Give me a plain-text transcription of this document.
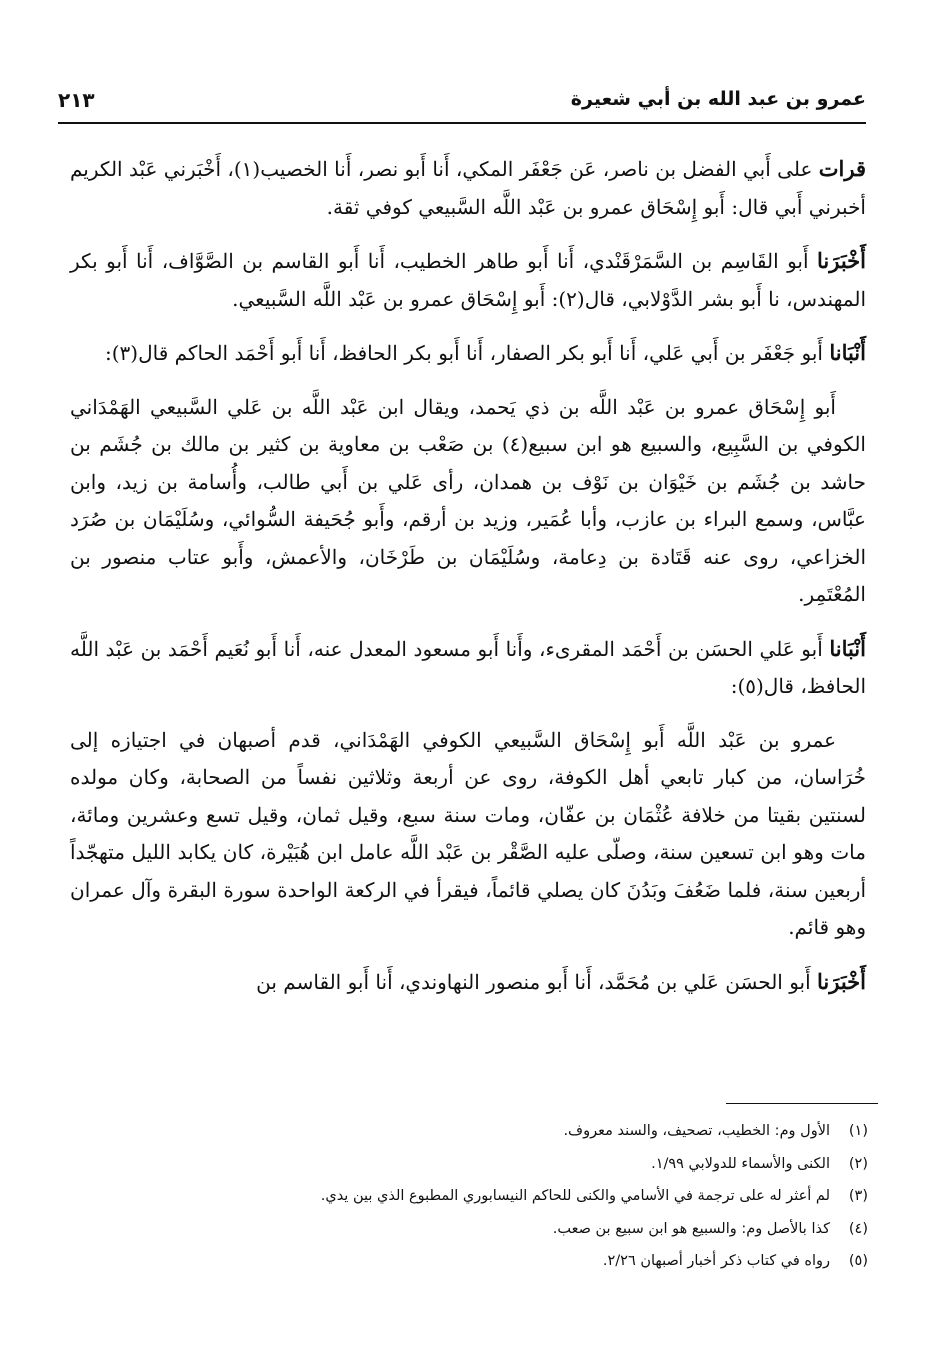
عمرو بن عبد الله بن أبي شعيرة
٢١٣

قرات على أَبي الفضل بن ناصر، عَن جَعْفَر المكي، أَنا أَبو نصر، أَنا الخصيب(١)، أَخْبَرني عَبْد الكريم أخبرني أَبي قال: أَبو إِسْحَاق عمرو بن عَبْد اللَّه السَّبيعي كوفي ثقة.

أَخْبَرَنا أَبو القَاسِم بن السَّمَرْقَنْدي، أَنا أَبو طاهر الخطيب، أَنا أَبو القاسم بن الصَّوَّاف، أَنا أَبو بكر المهندس، نا أَبو بشر الدَّوْلابي، قال(٢): أَبو إِسْحَاق عمرو بن عَبْد اللَّه السَّبيعي.

أَنْبَانا أَبو جَعْفَر بن أَبي عَلي، أَنا أَبو بكر الصفار، أَنا أَبو بكر الحافظ، أَنا أَبو أَحْمَد الحاكم قال(٣):

أَبو إِسْحَاق عمرو بن عَبْد اللَّه بن ذي يَحمد، ويقال ابن عَبْد اللَّه بن عَلي السَّبيعي الهَمْدَاني الكوفي بن السَّبِيع، والسبيع هو ابن سبيع(٤) بن صَعْب بن معاوية بن كثير بن مالك بن جُشَم بن حاشد بن جُشَم بن خَيْوَان بن نَوْف بن همدان، رأى عَلي بن أَبي طالب، وأُسامة بن زيد، وابن عبَّاس، وسمع البراء بن عازب، وأبا عُمَير، وزيد بن أرقم، وأَبو جُحَيفة السُّوائي، وسُلَيْمَان بن صُرَد الخزاعي، روى عنه قَتَادة بن دِعامة، وسُلَيْمَان بن طَرْخَان، والأعمش، وأَبو عتاب منصور بن المُعْتَمِر.

أَنْبَانا أَبو عَلي الحسَن بن أَحْمَد المقرىء، وأَنا أَبو مسعود المعدل عنه، أَنا أَبو نُعَيم أَحْمَد بن عَبْد اللَّه الحافظ، قال(٥):

عمرو بن عَبْد اللَّه أَبو إِسْحَاق السَّبيعي الكوفي الهَمْدَاني، قدم أصبهان في اجتيازه إلى خُرَاسان، من كبار تابعي أهل الكوفة، روى عن أربعة وثلاثين نفساً من الصحابة، وكان مولده لسنتين بقيتا من خلافة عُثْمَان بن عفّان، ومات سنة سبع، وقيل ثمان، وقيل تسع وعشرين ومائة، مات وهو ابن تسعين سنة، وصلّى عليه الصَّقْر بن عَبْد اللَّه عامل ابن هُبَيْرة، كان يكابد الليل متهجّداً أربعين سنة، فلما ضَعُفَ وبَدُنَ كان يصلي قائماً، فيقرأ في الركعة الواحدة سورة البقرة وآل عمران وهو قائم.

أَخْبَرَنا أَبو الحسَن عَلي بن مُحَمَّد، أَنا أَبو منصور النهاوندي، أَنا أَبو القاسم بن

(١)
الأول وم: الخطيب، تصحيف، والسند معروف.
(٢)
الكنى والأسماء للدولابي ١/٩٩.
(٣)
لم أعثر له على ترجمة في الأسامي والكنى للحاكم النيسابوري المطبوع الذي بين يدي.
(٤)
كذا بالأصل وم: والسبيع هو ابن سبيع بن صعب.
(٥)
رواه في كتاب ذكر أخبار أصبهان ٢/٢٦.
